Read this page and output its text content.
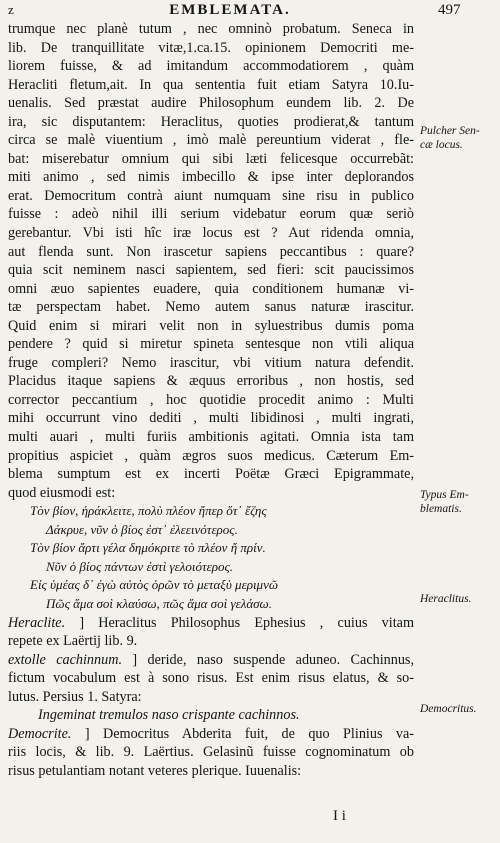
EMBLEMATA.	497
z
trumque nec planè tutum , nec omninò probatum. Seneca in
lib. De tranquillitate vitæ,1.ca.15. opinionem Democriti me-
liorem fuisse, & ad imitandum accommodatiorem , quàm
Heracliti fletum,ait. In qua sententia fuit etiam Satyra 10.Iu-
uenalis. Sed præstat audire Philosophum eundem lib. 2. De
ira, sic disputantem: Heraclitus, quoties prodierat,& tantum
circa se malè viuentium , imò malè pereuntium viderat , fle-
bat: miserebatur omnium qui sibi læti felicesque occurrebãt:
miti animo , sed nimis imbecillo & ipse inter deplorandos
erat. Democritum contrà aiunt numquam sine risu in publico
fuisse : adeò nihil illi serium videbatur eorum quæ seriò
gerebantur. Vbi isti hîc iræ locus est ? Aut ridenda omnia,
aut flenda sunt. Non irascetur sapiens peccantibus : quare?
quia scit neminem nasci sapientem, sed fieri: scit paucissimos
omni æuo sapientes euadere, quia conditionem humanæ vi-
tæ perspectam habet. Nemo autem sanus naturæ irascitur.
Quid enim si mirari velit non in syluestribus dumis poma
pendere ? quid si miretur spineta sentesque non vtili aliqua
fruge compleri? Nemo irascitur, vbi vitium natura defendit.
Placidus itaque sapiens & æquus erroribus , non hostis, sed
corrector peccantium , hoc quotidie procedit animo : Multi
mihi occurrunt vino dediti , multi libidinosi , multi ingrati,
multi auari , multi furiis ambitionis agitati. Omnia ista tam
propitius aspiciet , quàm ægros suos medicus. Cæterum Em-
blema sumptum est ex incerti Poëtæ Græci Epigrammate,
quod eiusmodi est:
Τὸν βίον, ἡράκλειτε, πολὺ πλέον ἤπερ ὅτ᾿ ἔζης
Δάκρυε, νῦν ὁ βίος ἐστ᾿ ἐλεεινότερος.
Τὸν βίον ἄρτι γέλα δημόκριτε τὸ πλέον ἤ πρίν.
Νῦν ὁ βίος πάντων ἐστὶ γελοιότερος.
Εἰς ὑμέας δ᾿ ἐγὼ αὐτὸς ὁρῶν τὸ μεταξὺ μεριμνῶ
Πῶς ἅμα σοὶ κλαύσω, πῶς ἅμα σοὶ γελάσω.
Heraclite. ] Heraclitus Philosophus Ephesius , cuius vitam
repete ex Laërtij lib. 9.
extolle cachinnum. ] deride, naso suspende aduneo. Cachinnus,
fictum vocabulum est à sono risus. Est enim risus elatus, & so-
lutus. Persius 1. Satyra:
Ingeminat tremulos naso crispante cachinnos.
Democrite. ] Democritus Abderita fuit, de quo Plinius va-
riis locis, & lib. 9. Laërtius. Gelasinũ fuisse cognominatum ob
risus petulantiam notant veteres plerique. Iuuenalis:
Pulcher Sen-
cæ locus.
Typus Em-
blematis.
Heraclitus.
Democritus.
I i
